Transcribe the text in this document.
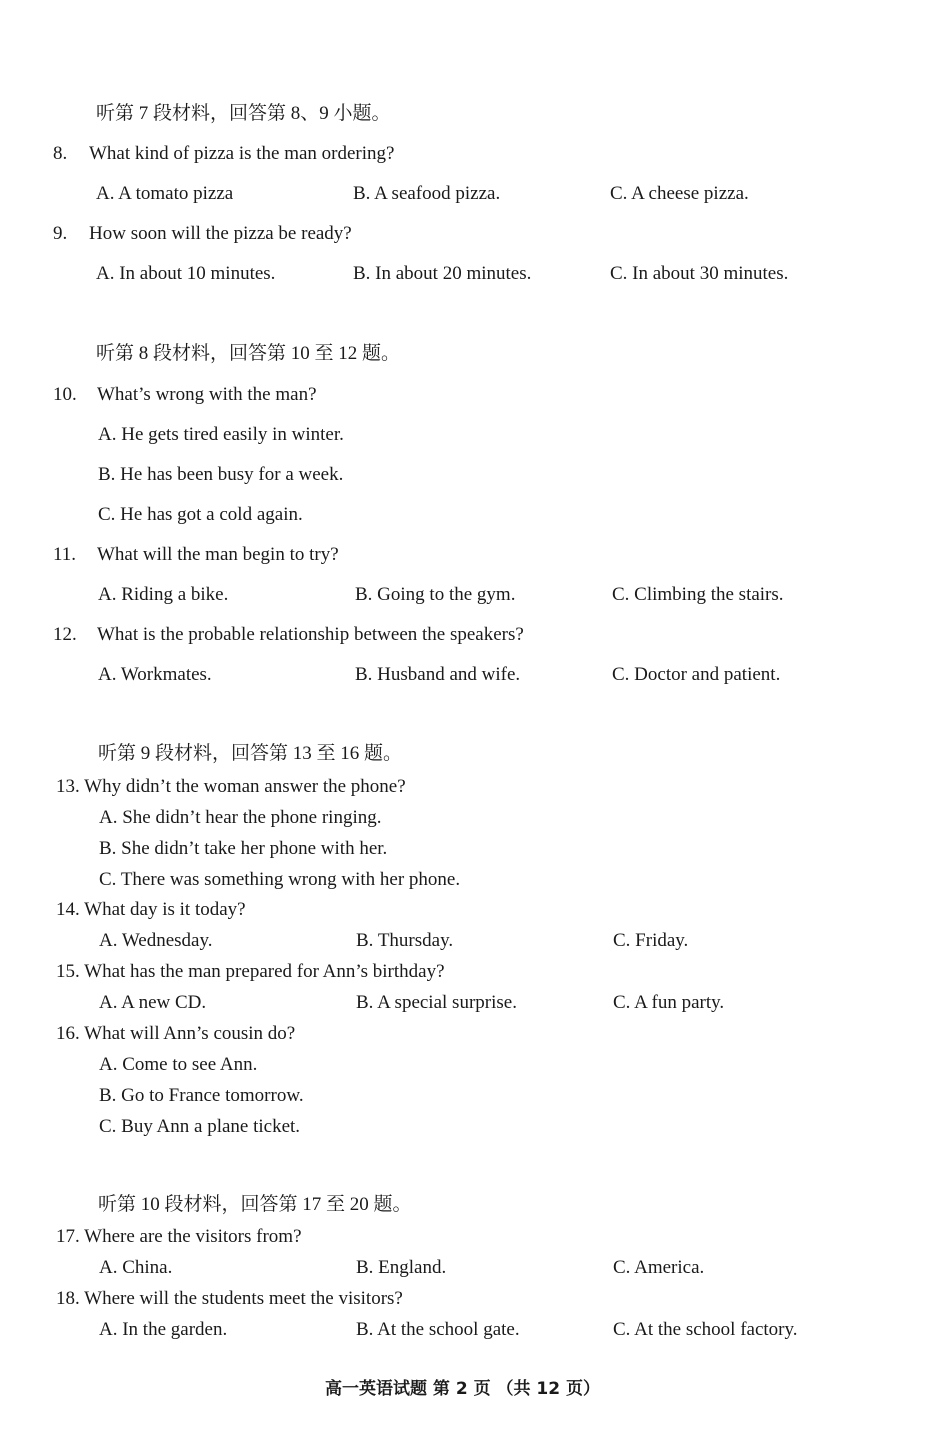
听第 7 段材料，回答第 8、9 小题。
8. What kind of pizza is the man ordering?
A. A tomato pizza	B. A seafood pizza.	C. A cheese pizza.
9. How soon will the pizza be ready?
A. In about 10 minutes.	B. In about 20 minutes.	C. In about 30 minutes.
听第 8 段材料，回答第 10 至 12 题。
10. What’s wrong with the man?
A. He gets tired easily in winter.
B. He has been busy for a week.
C. He has got a cold again.
11. What will the man begin to try?
A. Riding a bike.	B. Going to the gym.	C. Climbing the stairs.
12. What is the probable relationship between the speakers?
A. Workmates.	B. Husband and wife.	C. Doctor and patient.
听第 9 段材料，回答第 13 至 16 题。
13. Why didn’t the woman answer the phone?
A. She didn’t hear the phone ringing.
B. She didn’t take her phone with her.
C. There was something wrong with her phone.
14. What day is it today?
A. Wednesday.	B. Thursday.	C. Friday.
15. What has the man prepared for Ann’s birthday?
A. A new CD.	B. A special surprise.	C. A fun party.
16. What will Ann’s cousin do?
A. Come to see Ann.
B. Go to France tomorrow.
C. Buy Ann a plane ticket.
听第 10 段材料，回答第 17 至 20 题。
17. Where are the visitors from?
A. China.	B. England.	C. America.
18. Where will the students meet the visitors?
A. In the garden.	B. At the school gate.	C. At the school factory.
高一英语试题 第 2 页 （共 12 页）
